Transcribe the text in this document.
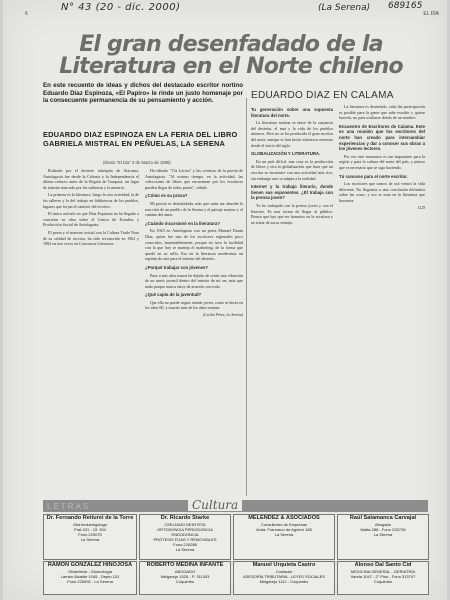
N° 43 (20 - dic. 2000)	(La Serena) 689165
6	EL DÍA
El gran desenfadado de la Literatura en el Norte chileno
En este recuento de ideas y dichos del destacado escritor nortino Eduardo Díaz Espinoza, «El Papiro» le rinde un justo homenaje por la consecuente permanencia de su pensamiento y acción.	EDUARDO DIAZ EN CALAMA
EDUARDO DIAZ ESPINOZA EN LA FERIA DEL LIBRO GABRIELA MISTRAL EN PEÑUELAS, LA SERENA
(Diario "El Día" 2 de Marzo de 1998)

Rodeado por el desierto inhóspito de Atacama, Antofagasta fue desde la Colonia y la Independencia el último reducto antes de la Región de Tarapacá, un lugar de tránsito marcado por las salitreras y la minería.

La primera es la literatura, luego la otra actividad, la de los talleres y la del trabajo en bibliotecas de los pueblos, lugares que forjan el carácter del escritor.

El único artículo en que Díaz Espinoza no ha llegado a concretar su obra sobre el Centro de Estudios y Producción Social de Antofagasta.

El poeta y el maestro inicial con la Cultura Trade Nota de su calidad de escritor, ha sido reconocido en 1962 y 1982 en tres veces en Concursos Literarios.

Ha editado "Vía Láctea" y las crónicas de la poesía de Antofagasta. "Al mismo tiempo, en la actividad, las colecciones de libros que encuentran por los escritores pueden llegar de todas partes", señaló.

¿Cómo es su prosa?

Mi poesía es desenfadada, más que nada me absorbe la reacción de un pueblo de la Serena y el paisaje marino y el camino del amor.

¿Cuándo incursionó en la literatura?

En 1943 en Antofagasta con un poeta Manuel Durán Díaz, quien fue uno de los escritores regionales poco conocidos, lamentablemente, porque no tuvo la facilidad con la que hoy se maneja el marketing, de la forma que quedó en su sello. Era en la literatura modernista un espíritu de arte para el interior del desierto.

¿Porqué trabajar con jóvenes?

Pues a mis años nunca he dejado de sentir una vibración de un sentir juvenil dentro del interior de mi ser, más que nada porque nunca estoy de acuerdo con todo.

¿Qué capta de la juventud?

Que ella no puede seguir siendo joven, como se decía en los años 60, y mucho más de los años sesenta.

(Cecilia Pérez, La Serena)

Tu generación sobre una supuesta literatura del norte.

La literatura nortina se nutre de la sustancia del desierto, el mar y la vida de los pueblos mineros. Pero no se ha producido el gran escritor del norte, aunque se han hecho esfuerzos enormes desde el inicio del siglo.

GLOBALIZACIÓN Y LITERATURA.

En un país difícil, una cosa es la producción de libros y otra la globalización que hace que un escritor se encuentre con una actividad más rica, sin embargo uno se adapta a la realidad.

Internet y la trabajo literario, donde tienen sus exponentes. ¿Él trabaja con la prensa joven?

Yo he trabajado con la prensa joven y con el Internet. Es una forma de llegar al público. Pienso que hay que ser honestos en la escritura y no tratar de sacar ventaja.

La literatura es desenfado, cada día participación es posible para la gente que sabe escribir y quiere hacerlo, no para ocultarse detrás de un nombre.

Encuentro de Escritores de Calama. Este es una reunión que los escritores del norte han creado para intercambiar experiencias y dar a conocer sus obras a los jóvenes lectores.

Por eso este encuentro es tan importante para la región y para la cultura del norte del país, y pienso que es necesario que se siga haciendo.

Tú conoces para el norte escritor.

Los escritores que somos de acá vemos la vida diferente. No llegamos a una conclusión definitiva sobre las cosas, y eso se nota en la literatura que hacemos.

LCD

LETRAS	Cultura
Dr. Fernando Reiturei de la Torre
Otorrinolaringólogo
Prat 431 - Of. 304
Fono 225075
La Serena
Dr. Ricardo Starke
CIRUJANO DENTISTA
ORTODONCIA PERIODONCIA
ENDODONCIA
PRÓTESIS FIJAS Y REMOVIBLES
Fono 226288
La Serena
MELENDEZ & ASOCIADOS
Consultores de Empresas
Avda. Francisco de Aguirre 185
La Serena
Raúl Salamanca Carvajal
Abogado
Matta 288 - Fono 225728
La Serena
RAMÓN GONZÁLEZ HINOJOSA
Obstetricia - Ginecología
Larraín Alcalde 1045 - Depto 102
Fono 226592 - La Serena
ROBERTO MEDINA INFANTE
ABOGADO
Melgarejo 1525 - F: 311303
Coquimbo
Manuel Urquieta Castro
Contador
ASESORÍA TRIBUTARIA - LEYES SOCIALES
Melgarejo 1112 - Coquimbo
Alonso Dal Santo Cid
MEDICINA GENERAL - GERIATRÍA
Varela 1047 - 2° Piso - Fono 313707
Coquimbo
